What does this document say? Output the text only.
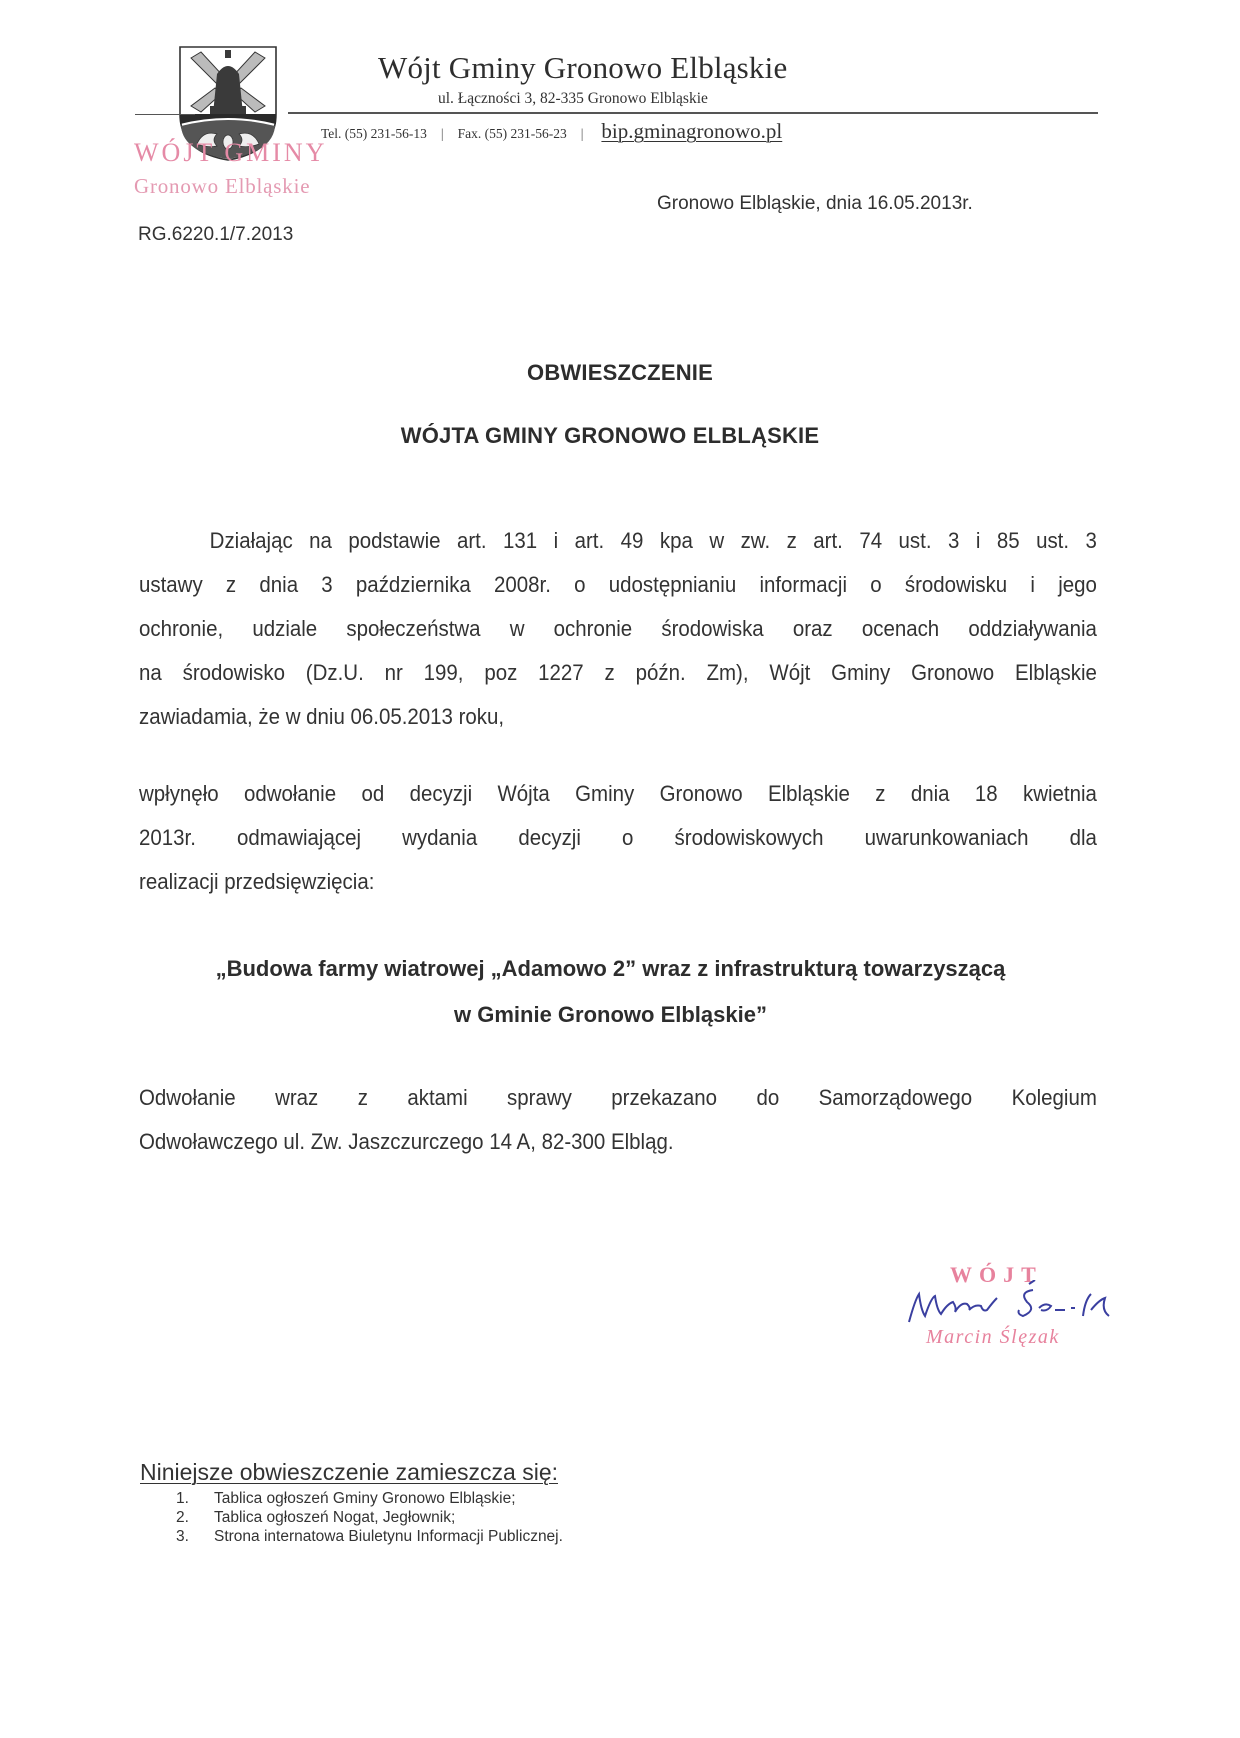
Wójt Gminy Gronowo Elbląskie
ul. Łączności 3, 82-335 Gronowo Elbląskie
Tel. (55) 231-56-13 | Fax. (55) 231-56-23 | bip.gminagronowo.pl
WÓJT GMINY
Gronowo Elbląskie
Gronowo Elbląskie, dnia 16.05.2013r.
RG.6220.1/7.2013
OBWIESZCZENIE
WÓJTA GMINY GRONOWO ELBLĄSKIE
Działając na podstawie art. 131 i art. 49 kpa w zw. z art. 74 ust. 3 i 85 ust. 3
ustawy z dnia 3 października 2008r. o udostępnianiu informacji o środowisku i jego
ochronie, udziale społeczeństwa w ochronie środowiska oraz ocenach oddziaływania
na środowisko (Dz.U. nr 199, poz 1227 z późn. Zm), Wójt Gminy Gronowo Elbląskie
zawiadamia, że w dniu 06.05.2013 roku,
wpłynęło odwołanie od decyzji Wójta Gminy Gronowo Elbląskie z dnia 18 kwietnia
2013r. odmawiającej wydania decyzji o środowiskowych uwarunkowaniach dla
realizacji przedsięwzięcia:
„Budowa farmy wiatrowej „Adamowo 2” wraz z infrastrukturą towarzyszącą
w Gminie Gronowo Elbląskie”
Odwołanie wraz z aktami sprawy przekazano do Samorządowego Kolegium
Odwoławczego ul. Zw. Jaszczurczego 14 A, 82-300 Elbląg.
WÓJT
Marcin Ślęzak
Niniejsze obwieszczenie zamieszcza się:
1.	Tablica ogłoszeń Gminy Gronowo Elbląskie;
2.	Tablica ogłoszeń Nogat, Jegłownik;
3.	Strona internatowa Biuletynu Informacji Publicznej.
